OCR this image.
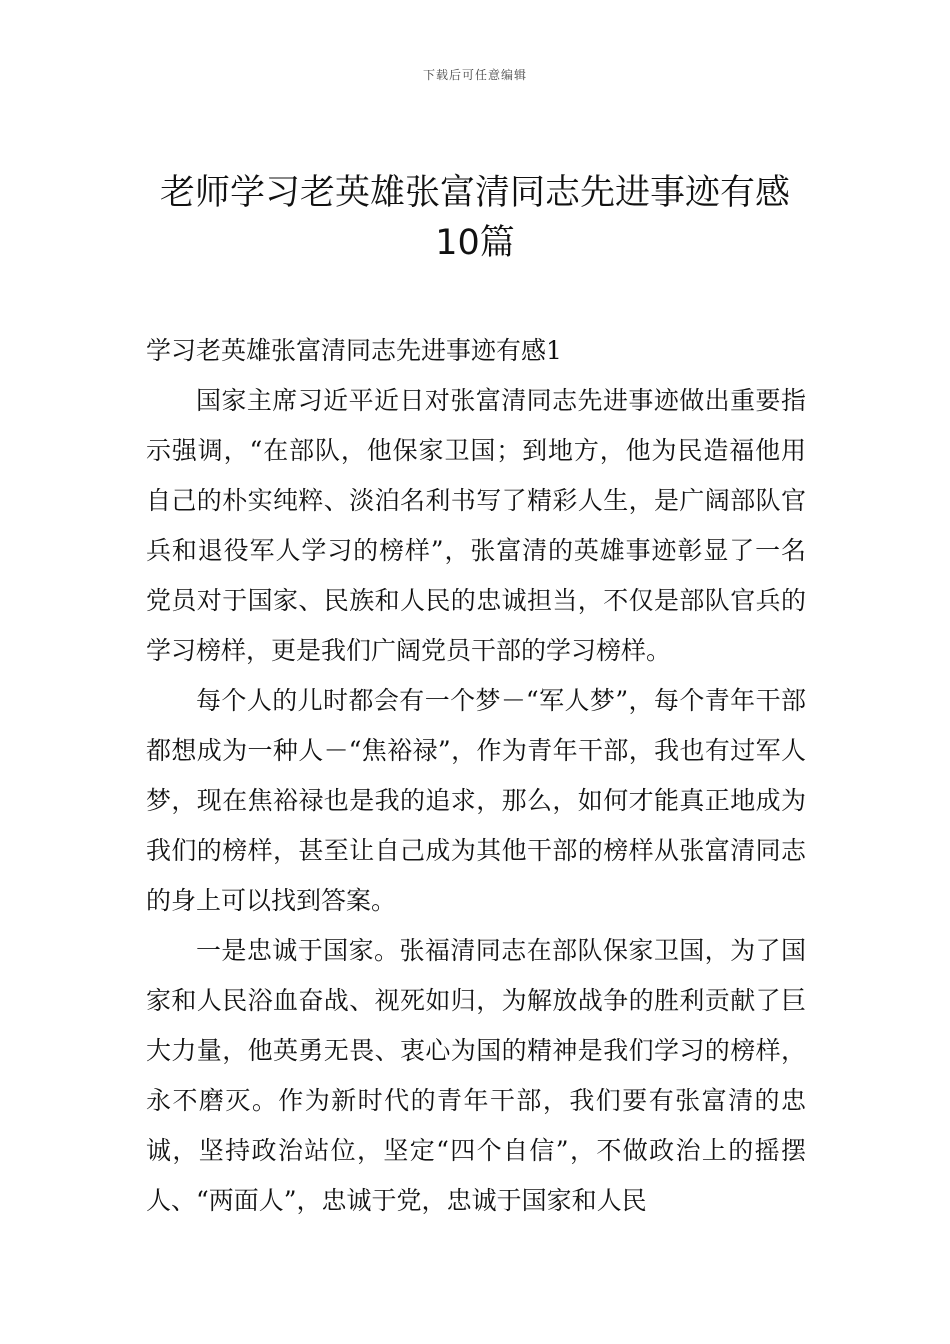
下载后可任意编辑
老师学习老英雄张富清同志先进事迹有感
10篇
学习老英雄张富清同志先进事迹有感1

国家主席习近平近日对张富清同志先进事迹做出重要指示强调，“在部队，他保家卫国；到地方，他为民造福他用自己的朴实纯粹、淡泊名利书写了精彩人生，是广阔部队官兵和退役军人学习的榜样”，张富清的英雄事迹彰显了一名党员对于国家、民族和人民的忠诚担当，不仅是部队官兵的学习榜样，更是我们广阔党员干部的学习榜样。

每个人的儿时都会有一个梦－“军人梦”，每个青年干部都想成为一种人－“焦裕禄”，作为青年干部，我也有过军人梦，现在焦裕禄也是我的追求，那么，如何才能真正地成为我们的榜样，甚至让自己成为其他干部的榜样从张富清同志的身上可以找到答案。

一是忠诚于国家。张福清同志在部队保家卫国，为了国家和人民浴血奋战、视死如归，为解放战争的胜利贡献了巨大力量，他英勇无畏、衷心为国的精神是我们学习的榜样，永不磨灭。作为新时代的青年干部，我们要有张富清的忠诚，坚持政治站位，坚定“四个自信”，不做政治上的摇摆人、“两面人”，忠诚于党，忠诚于国家和人民
